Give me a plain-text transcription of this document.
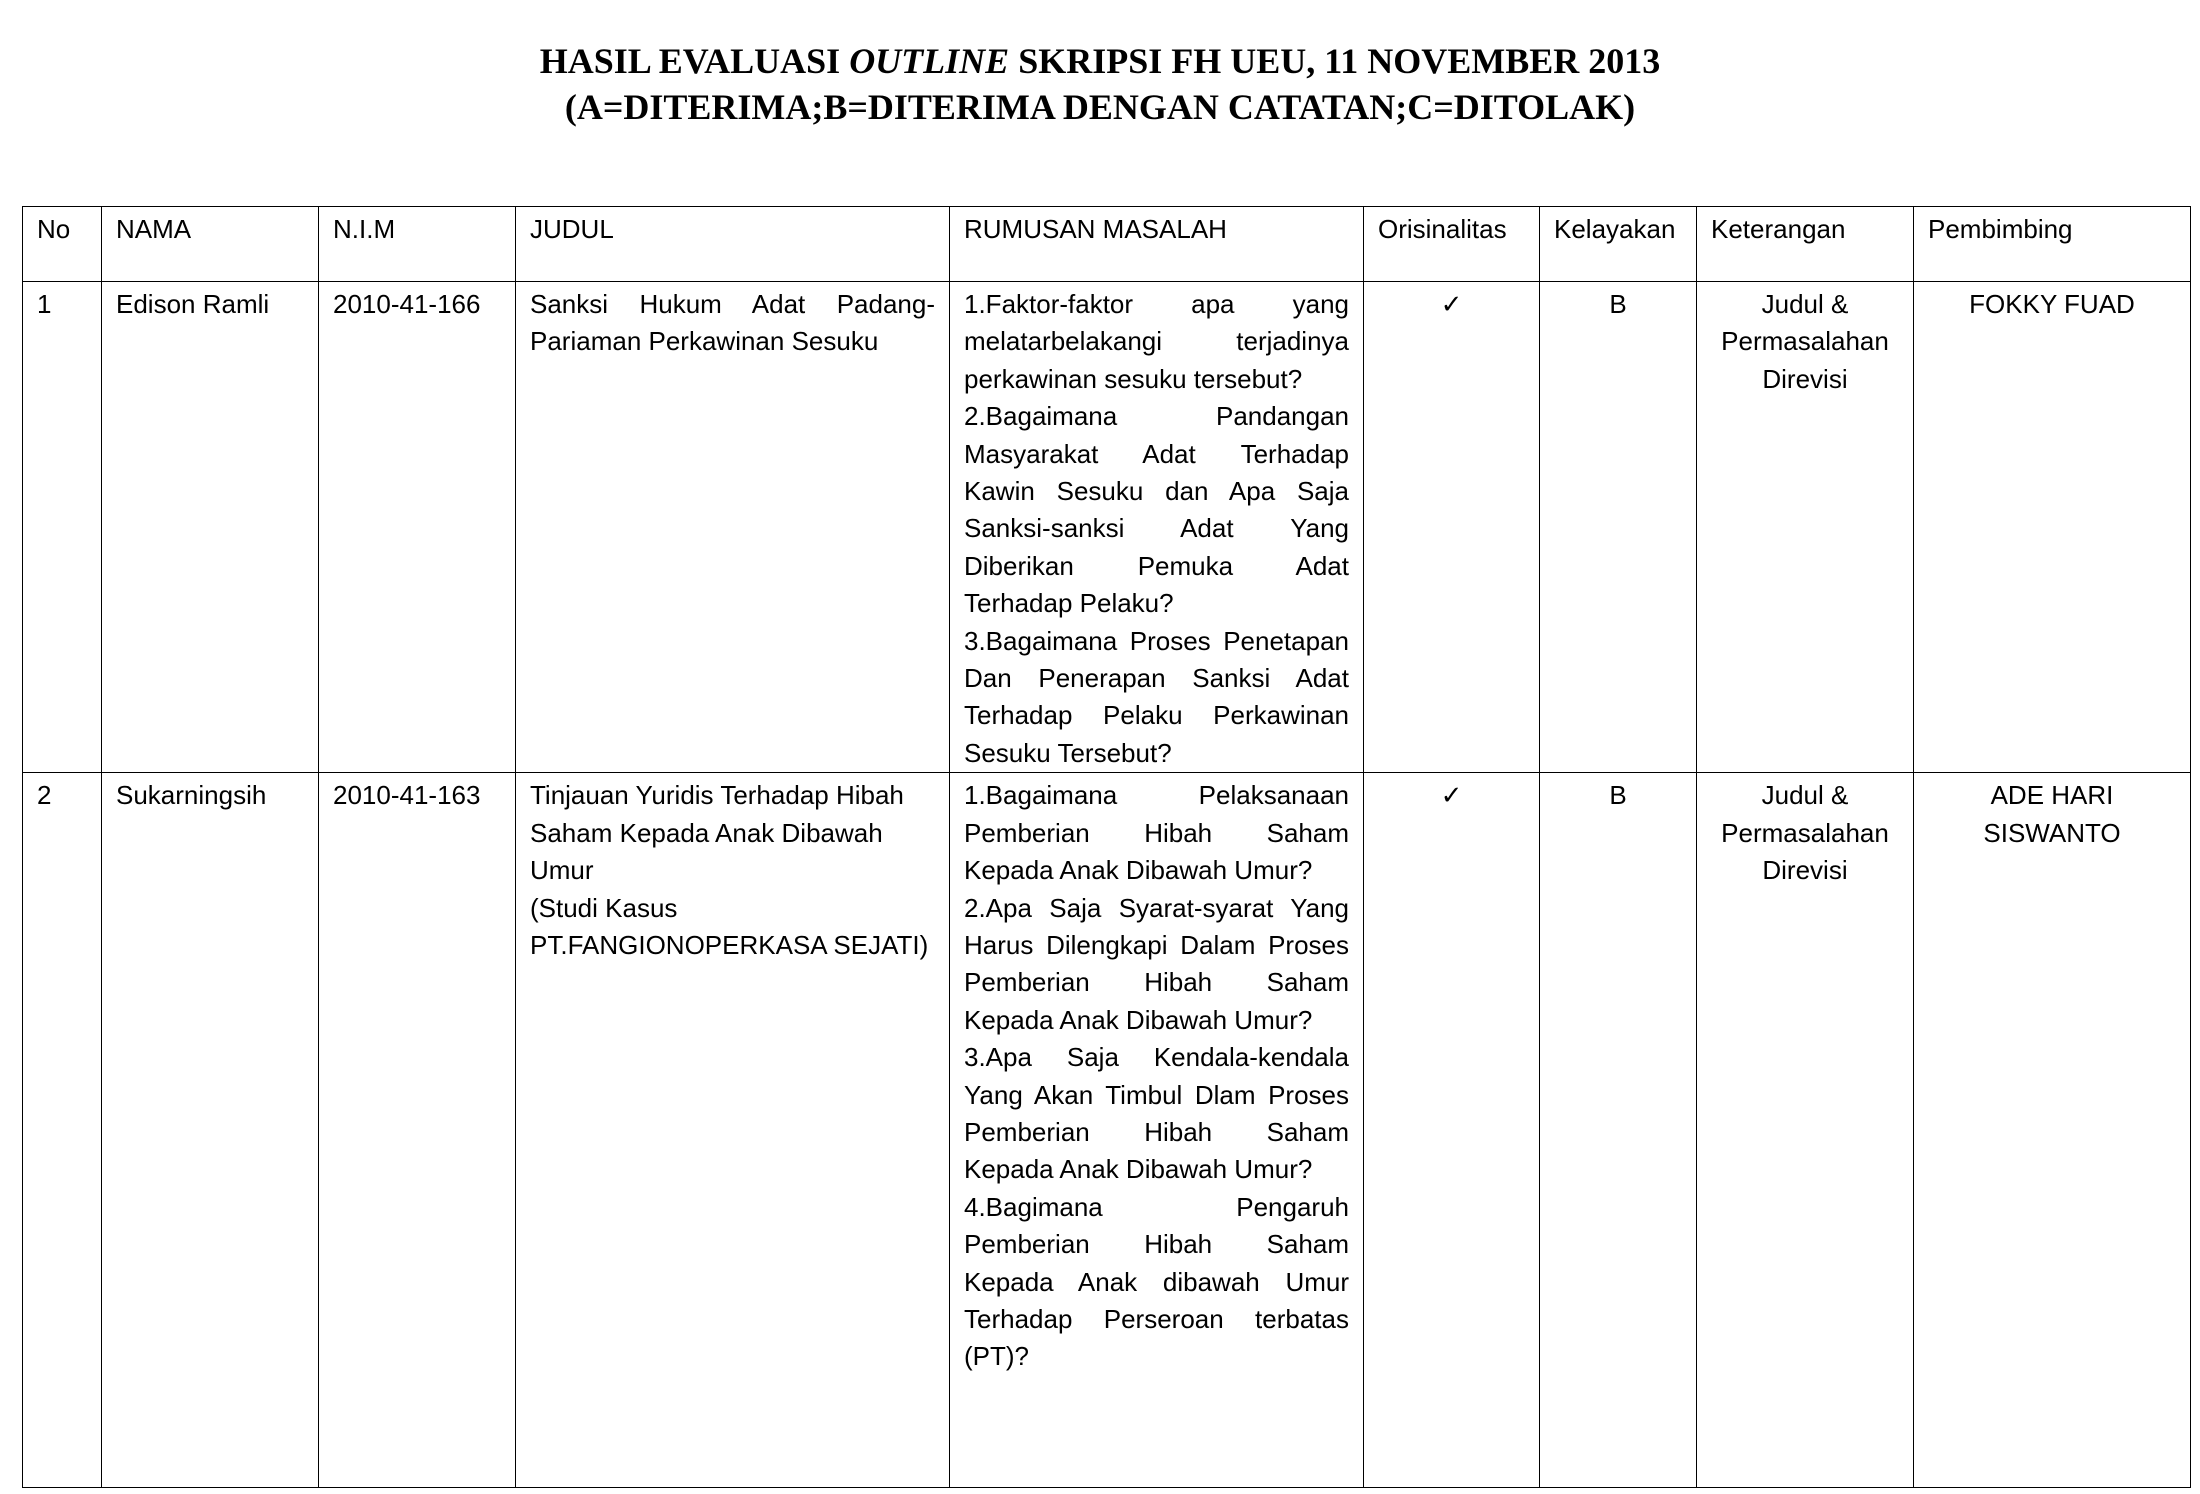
HASIL EVALUASI OUTLINE SKRIPSI FH UEU, 11 NOVEMBER 2013
(A=DITERIMA;B=DITERIMA DENGAN CATATAN;C=DITOLAK)
No	NAMA	N.I.M	JUDUL	RUMUSAN MASALAH	Orisinalitas	Kelayakan	Keterangan	Pembimbing
1	Edison Ramli	2010-41-166	Sanksi Hukum Adat Padang-Pariaman Perkawinan Sesuku	1.Faktor-faktor apa yang melatarbelakangi terjadinya perkawinan sesuku tersebut?
2.Bagaimana Pandangan Masyarakat Adat Terhadap Kawin Sesuku dan Apa Saja Sanksi-sanksi Adat Yang Diberikan Pemuka Adat Terhadap Pelaku?
3.Bagaimana Proses Penetapan Dan Penerapan Sanksi Adat Terhadap Pelaku Perkawinan Sesuku Tersebut?	✓	B	Judul & Permasalahan Direvisi	FOKKY FUAD
2	Sukarningsih	2010-41-163	Tinjauan Yuridis Terhadap Hibah Saham Kepada Anak Dibawah Umur
(Studi Kasus PT.FANGIONOPERKASA SEJATI)	1.Bagaimana Pelaksanaan Pemberian Hibah Saham Kepada Anak Dibawah Umur?
2.Apa Saja Syarat-syarat Yang Harus Dilengkapi Dalam Proses Pemberian Hibah Saham Kepada Anak Dibawah Umur?
3.Apa Saja Kendala-kendala Yang Akan Timbul Dlam Proses Pemberian Hibah Saham Kepada Anak Dibawah Umur?
4.Bagimana Pengaruh Pemberian Hibah Saham Kepada Anak dibawah Umur Terhadap Perseroan terbatas (PT)?	✓	B	Judul & Permasalahan Direvisi	ADE HARI SISWANTO
